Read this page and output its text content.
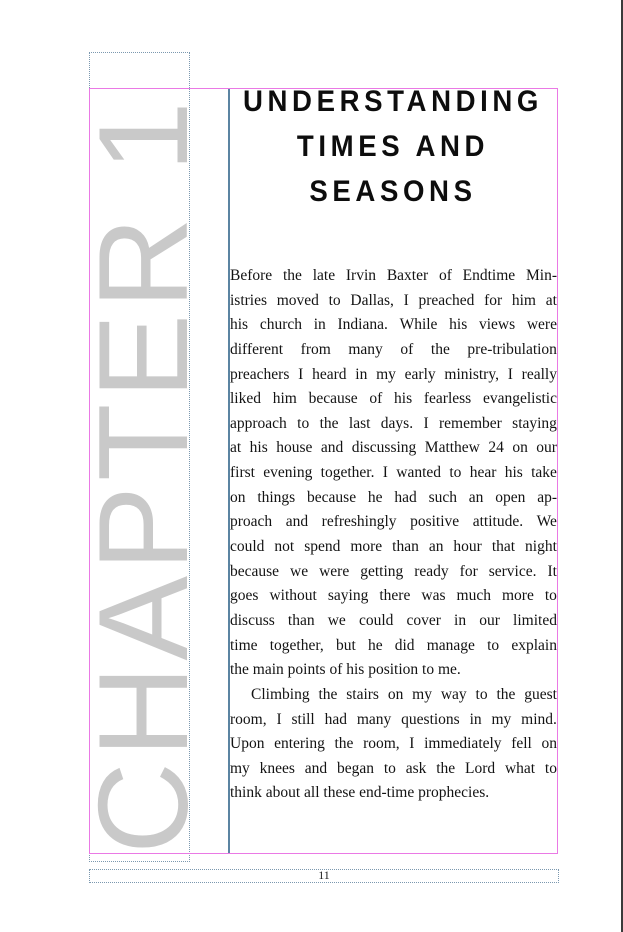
CHAPTER 1 UNDERSTANDING
TIMES AND
SEASONS
Before the late Irvin Baxter of Endtime Min-
istries moved to Dallas, I preached for him at
his church in Indiana. While his views were
different from many of the pre-tribulation
preachers I heard in my early ministry, I really
liked him because of his fearless evangelistic
approach to the last days. I remember staying
at his house and discussing Matthew 24 on our
first evening together. I wanted to hear his take
on things because he had such an open ap-
proach and refreshingly positive attitude. We
could not spend more than an hour that night
because we were getting ready for service. It
goes without saying there was much more to
discuss than we could cover in our limited
time together, but he did manage to explain
the main points of his position to me.
Climbing the stairs on my way to the guest
room, I still had many questions in my mind.
Upon entering the room, I immediately fell on
my knees and began to ask the Lord what to
think about all these end-time prophecies.
11
